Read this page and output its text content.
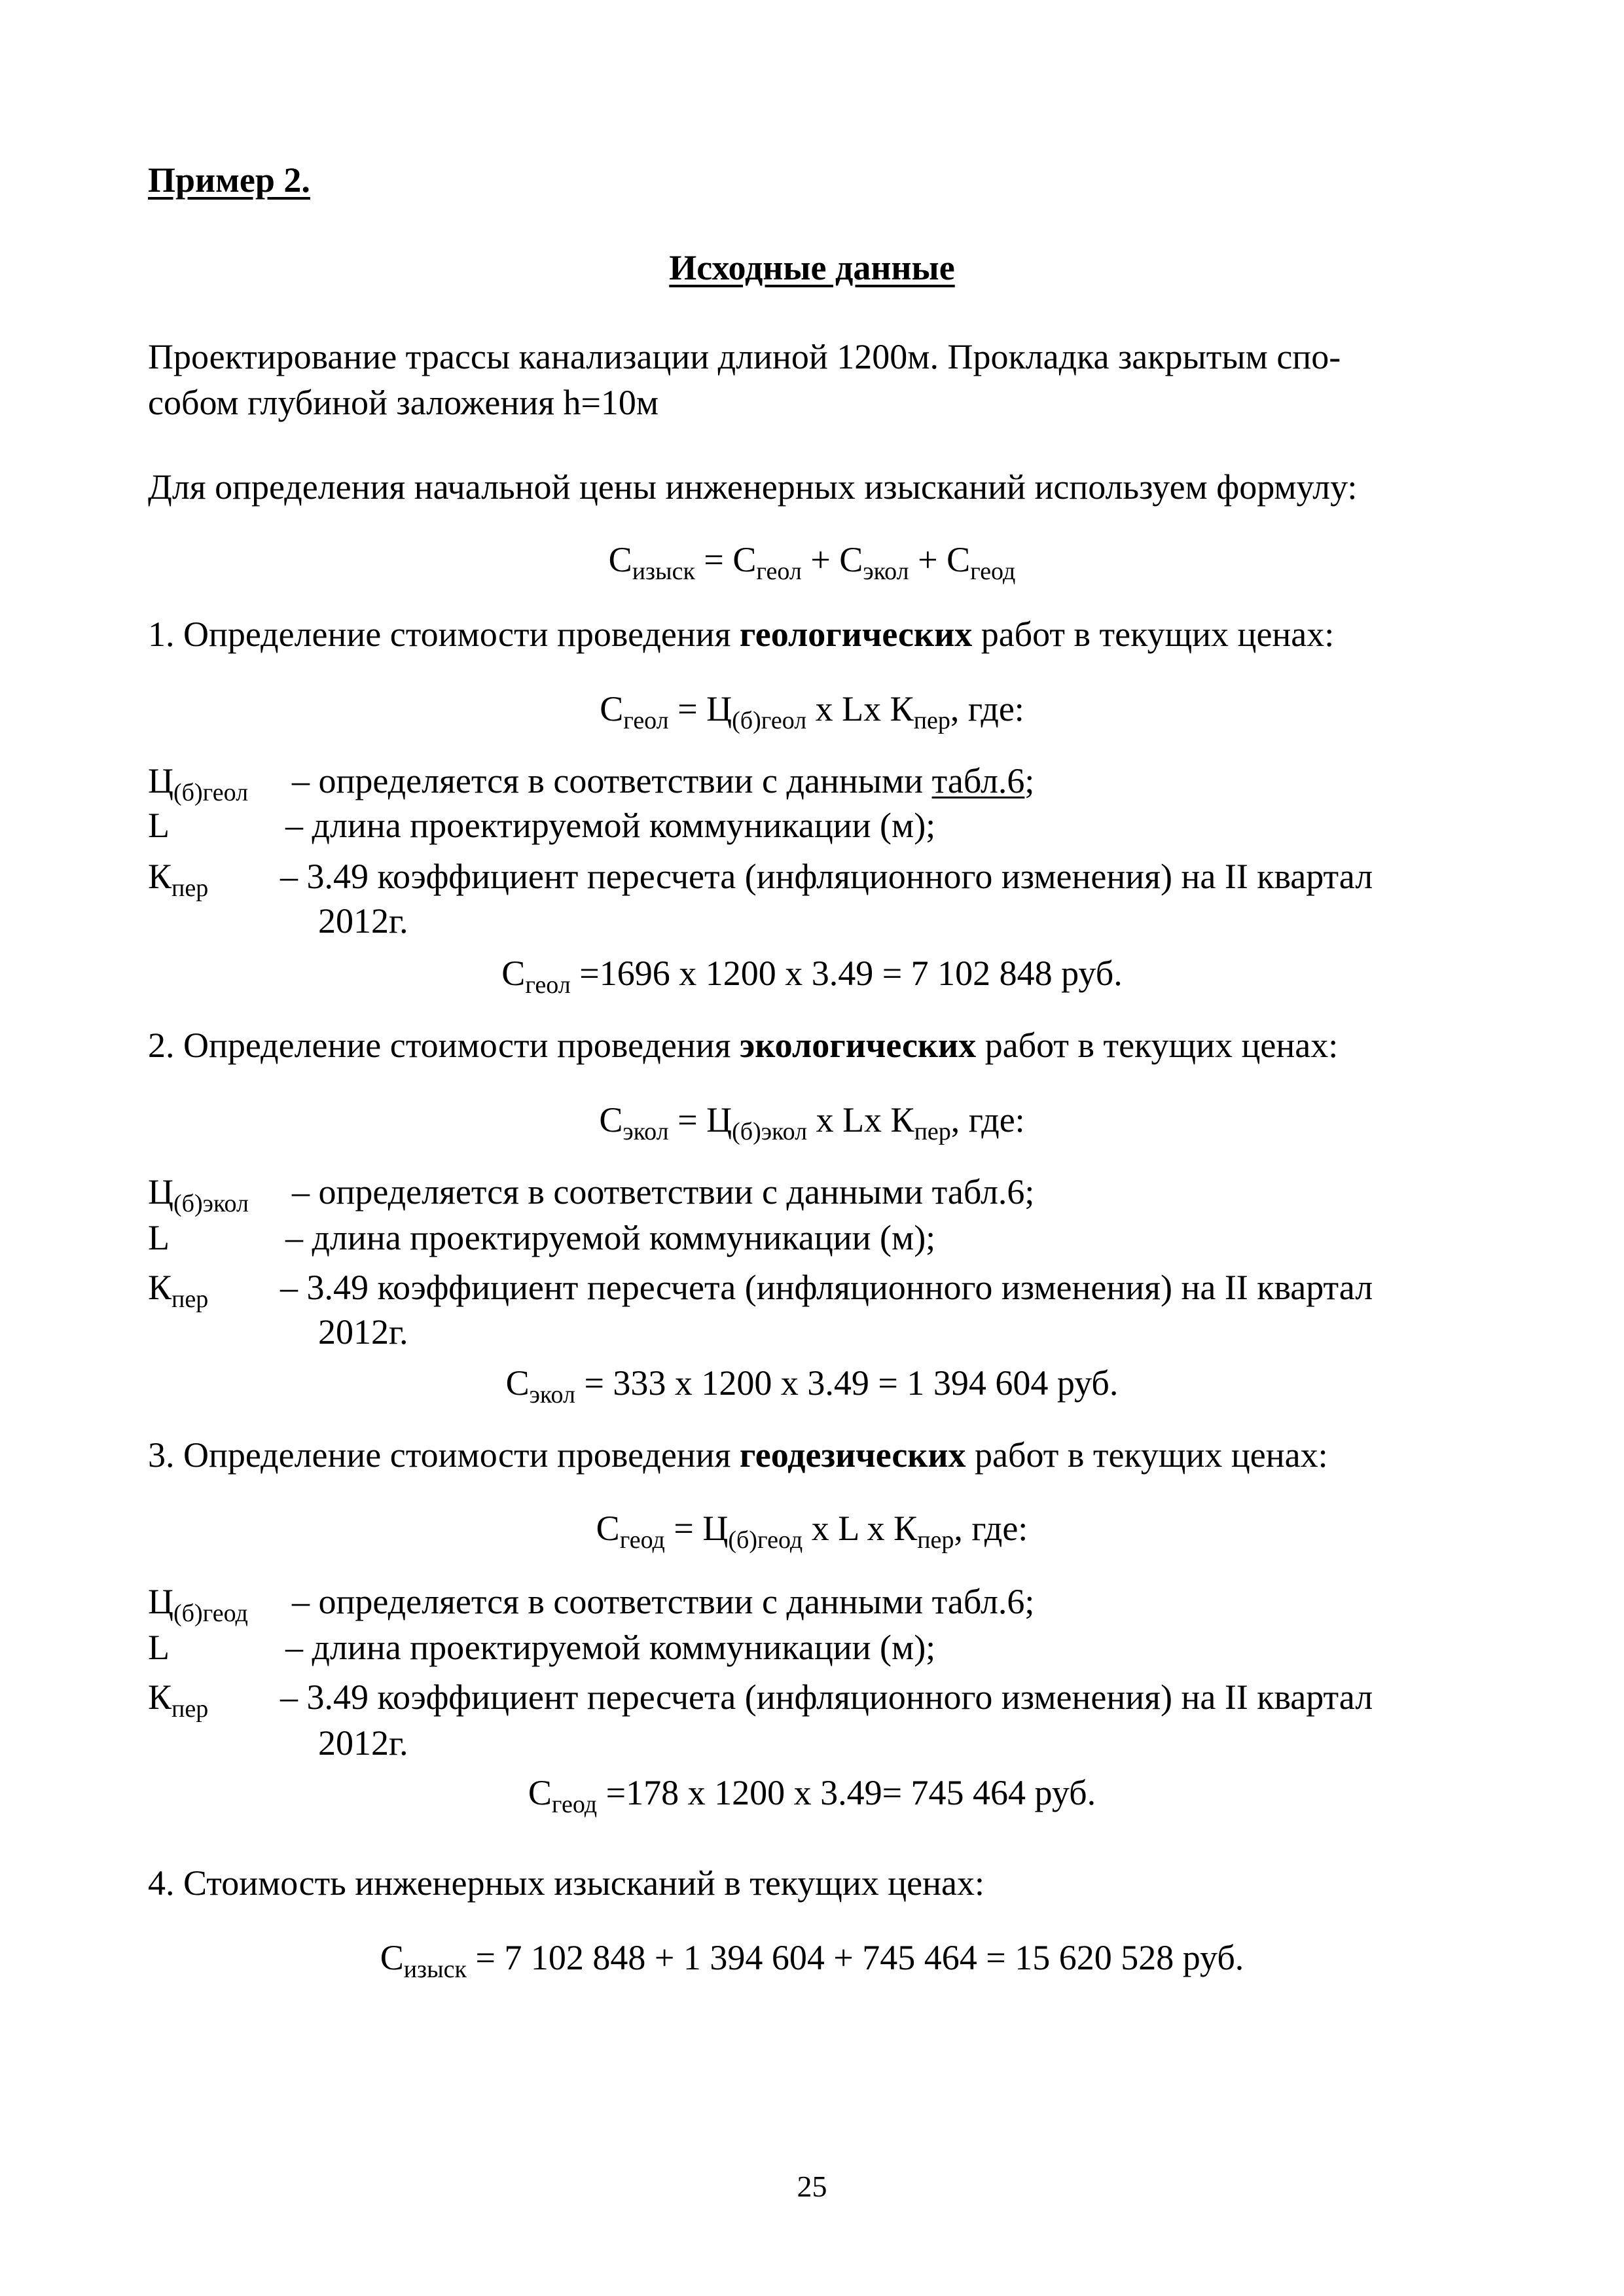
Пример 2.
Исходные данные
Проектирование трассы канализации длиной 1200м. Прокладка закрытым спо-
собом глубиной заложения h=10м
Для определения начальной цены инженерных изысканий используем формулу:
$С_{изыск} = С_{геол} + С_{экол} + С_{геод}$
1. Определение стоимости проведения геологических работ в текущих ценах:
$С_{геол} = Ц_{(б)геол}$ x Lх $К_{пер}$, где:
$Ц_{(б)геол}$ – определяется в соответствии с данными табл.6;
L	– длина проектируемой коммуникации (м);
$К_{пер} - 3.49$ коэффициент пересчета (инфляционного изменения) на II квартал
2012г.
$С_{геол} =1696$ х 1200 х 3.49 = 7 102 848 руб.
2. Определение стоимости проведения экологических работ в текущих ценах:
$С_{экол} = Ц_{(б)экол}$ x Lх $К_{пер}$, где:
$Ц_{(б)экол}$ – определяется в соответствии с данными табл.6;
L	– длина проектируемой коммуникации (м);
$К_{пер} - 3.49$ коэффициент пересчета (инфляционного изменения) на II квартал
2012г.
$С_{экол} = 333$ х 1200 х 3.49 = 1 394 604 руб.
3. Определение стоимости проведения геодезических работ в текущих ценах:
$С_{геод} = Ц_{(б)геод}$ x L x $К_{пер}$, где:
$Ц_{(б)геод}$ – определяется в соответствии с данными табл.6;
L	– длина проектируемой коммуникации (м);
$К_{пер} - 3.49$ коэффициент пересчета (инфляционного изменения) на II квартал
2012г.
$С_{геод} =178$ х 1200 х 3.49= 745 464 руб.
4. Стоимость инженерных изысканий в текущих ценах:
$С_{изыск} = 7$ 102 848 + 1 394 604 + 745 464 = 15 620 528 руб.
25
